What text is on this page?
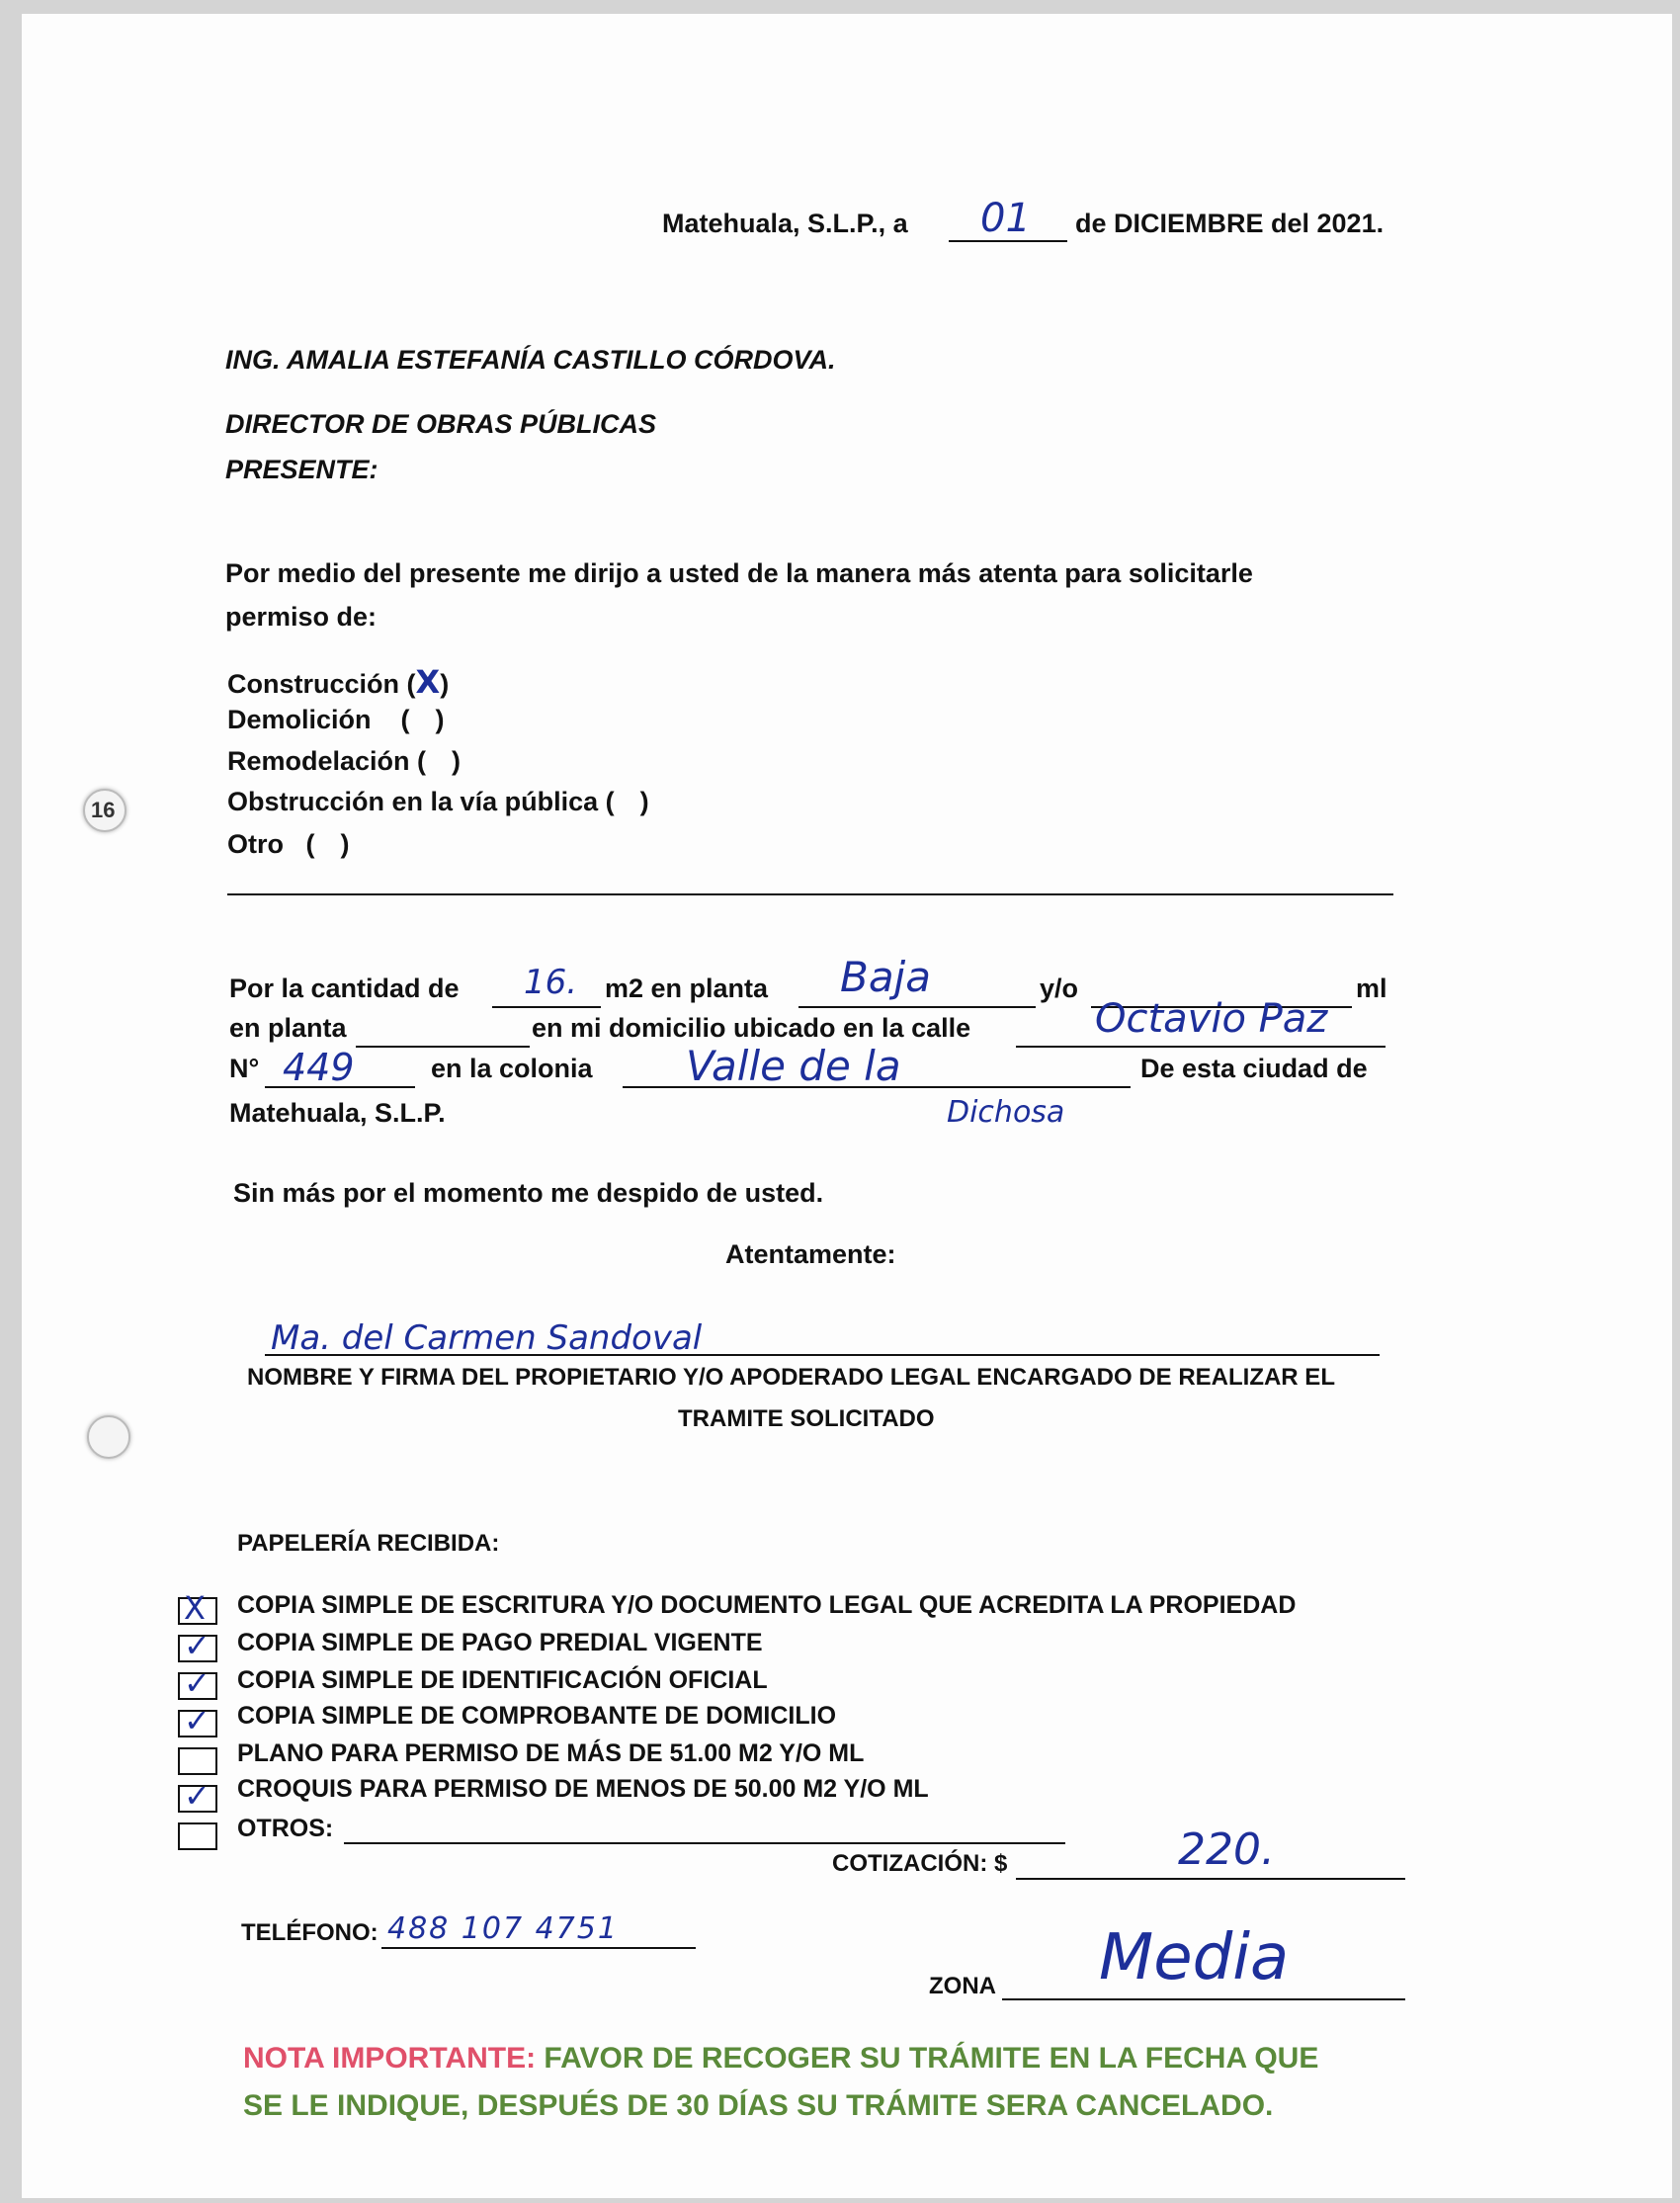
16
Matehuala, S.L.P., a 01 de DICIEMBRE del 2021.
ING. AMALIA ESTEFANÍA CASTILLO CÓRDOVA.
DIRECTOR DE OBRAS PÚBLICAS
PRESENTE:
Por medio del presente me dirijo a usted de la manera más atenta para solicitarle
permiso de:
Construcción (X)
Demolición    ( )
Remodelación ( )
Obstrucción en la vía pública ( )
Otro   ( )
Por la cantidad de 16. m2 en planta Baja	y/o	ml
en planta	en mi domicilio ubicado en la calle	Octavio Paz
N° 449	en la colonia Valle de la	De esta ciudad de
Dichosa
Matehuala, S.L.P.
Sin más por el momento me despido de usted.
Atentamente:
Ma. del Carmen Sandoval
NOMBRE Y FIRMA DEL PROPIETARIO Y/O APODERADO LEGAL ENCARGADO DE REALIZAR EL
TRAMITE SOLICITADO
PAPELERÍA RECIBIDA:
X COPIA SIMPLE DE ESCRITURA Y/O DOCUMENTO LEGAL QUE ACREDITA LA PROPIEDAD
✓ COPIA SIMPLE DE PAGO PREDIAL VIGENTE
✓ COPIA SIMPLE DE IDENTIFICACIÓN OFICIAL
✓ COPIA SIMPLE DE COMPROBANTE DE DOMICILIO
PLANO PARA PERMISO DE MÁS DE 51.00 M2 Y/O ML
✓ CROQUIS PARA PERMISO DE MENOS DE 50.00 M2 Y/O ML
OTROS:
COTIZACIÓN: $	220.
TELÉFONO: 488 107 4751
ZONA Media
NOTA IMPORTANTE: FAVOR DE RECOGER SU TRÁMITE EN LA FECHA QUE
SE LE INDIQUE, DESPUÉS DE 30 DÍAS SU TRÁMITE SERA CANCELADO.
